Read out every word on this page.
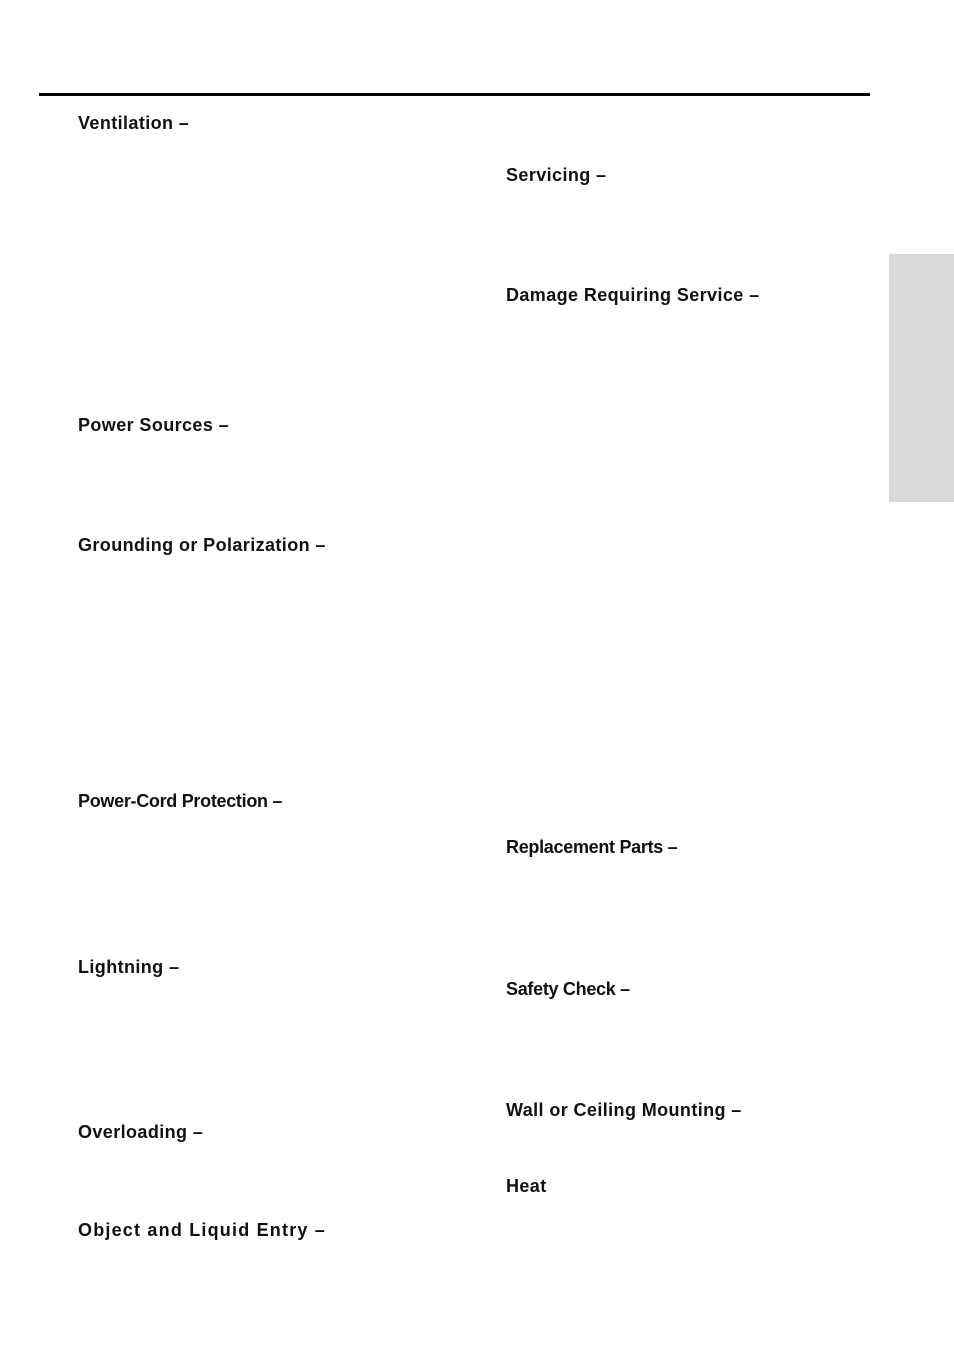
Ventilation –
Power Sources –
Grounding or Polarization –
Power-Cord Protection –
Lightning –
Overloading –
Object and Liquid Entry –
Servicing –
Damage Requiring Service –
Replacement Parts –
Safety Check –
Wall or Ceiling Mounting –
Heat
